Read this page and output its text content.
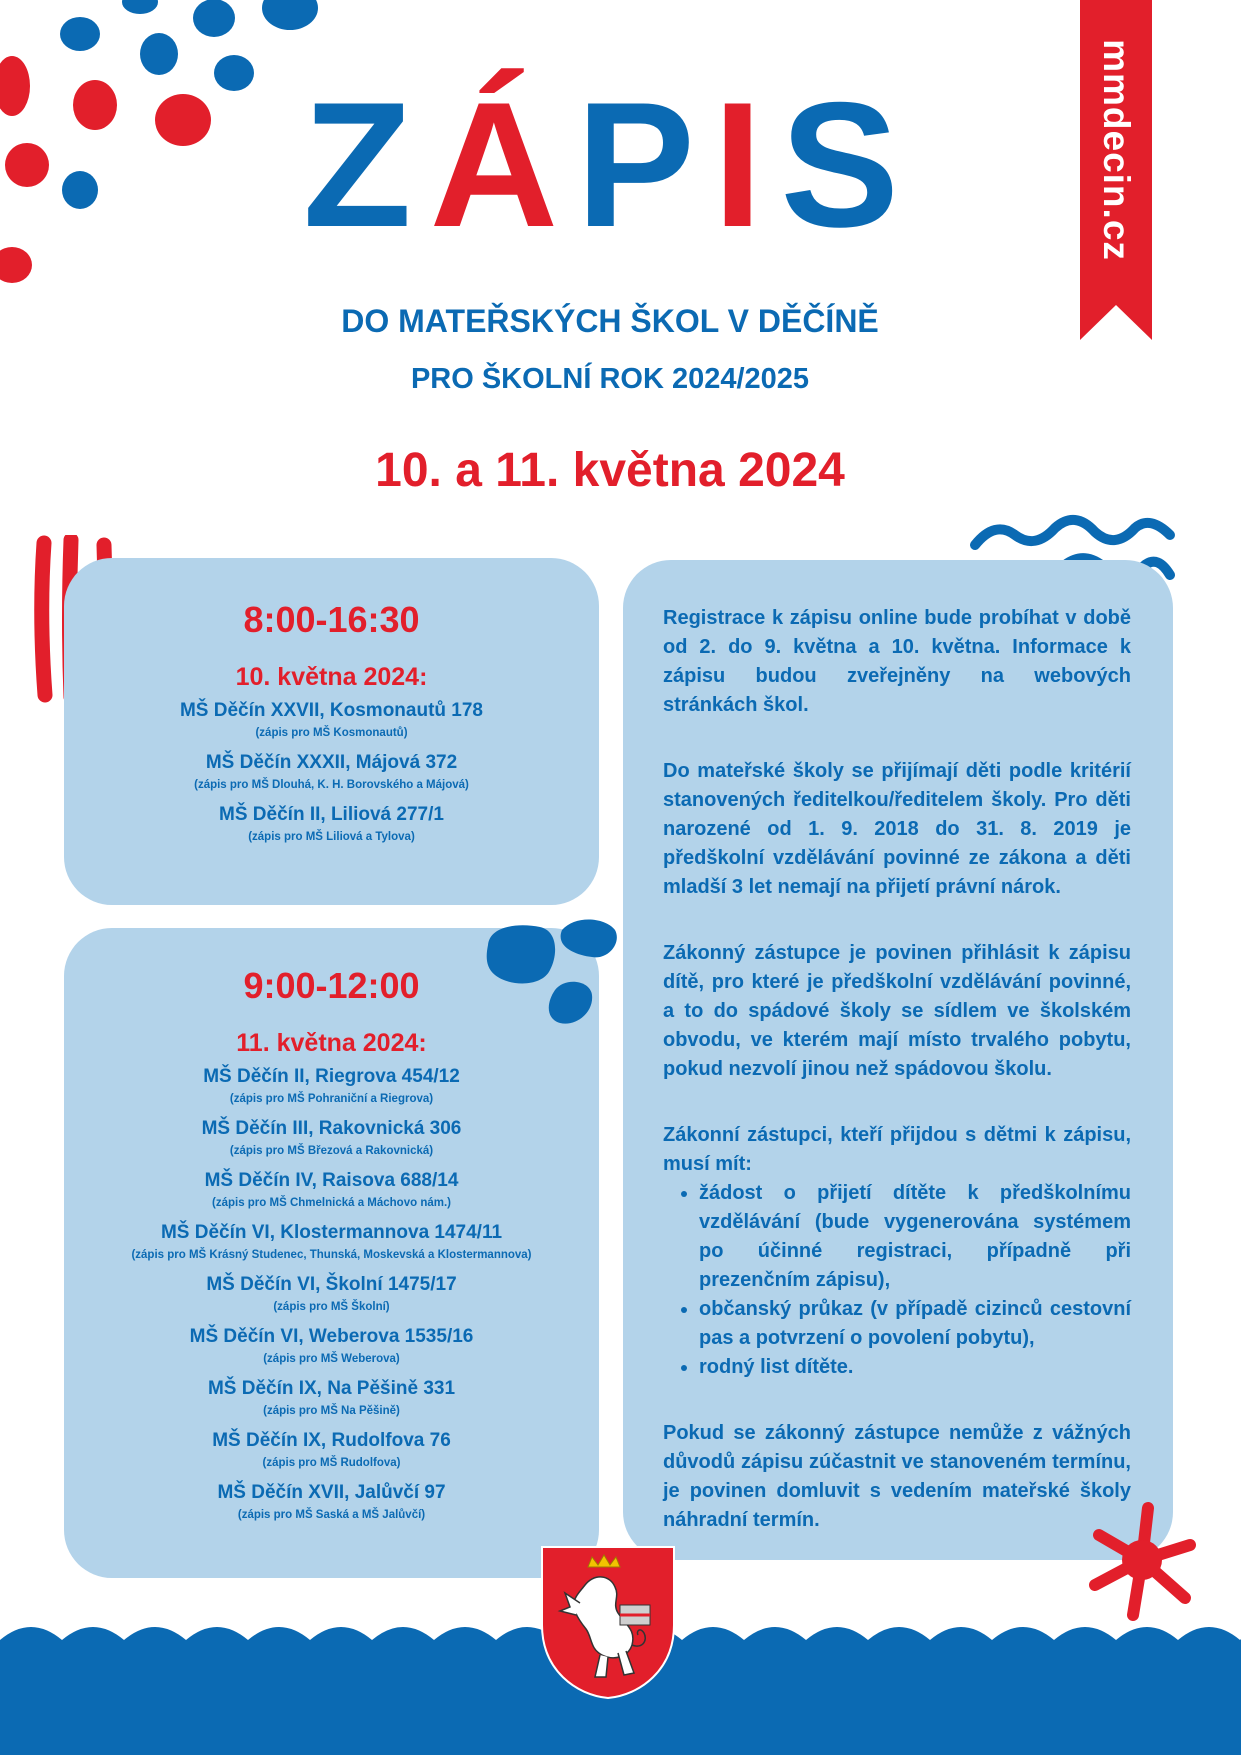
mmdecin.cz
ZÁPIS
DO MATEŘSKÝCH ŠKOL V DĚČÍNĚ
PRO ŠKOLNÍ ROK 2024/2025
10. a 11. května 2024
8:00-16:30
10. května 2024:
MŠ Děčín XXVII, Kosmonautů 178
(zápis pro MŠ Kosmonautů)
MŠ Děčín XXXII, Májová 372
(zápis pro MŠ Dlouhá, K. H. Borovského a Májová)
MŠ Děčín II, Liliová 277/1
(zápis pro MŠ Liliová a Tylova)
9:00-12:00
11. května 2024:
MŠ Děčín II, Riegrova 454/12
(zápis pro MŠ Pohraniční a Riegrova)
MŠ Děčín III, Rakovnická 306
(zápis pro MŠ Březová a Rakovnická)
MŠ Děčín IV, Raisova 688/14
(zápis pro MŠ Chmelnická a Máchovo nám.)
MŠ Děčín VI, Klostermannova 1474/11
(zápis pro MŠ Krásný Studenec, Thunská, Moskevská a Klostermannova)
MŠ Děčín VI, Školní 1475/17
(zápis pro MŠ Školní)
MŠ Děčín VI, Weberova 1535/16
(zápis pro MŠ Weberova)
MŠ Děčín IX, Na Pěšině 331
(zápis pro MŠ Na Pěšině)
MŠ Děčín IX, Rudolfova 76
(zápis pro MŠ Rudolfova)
MŠ Děčín XVII, Jalůvčí 97
(zápis pro MŠ Saská a MŠ Jalůvčí)

Registrace k zápisu online bude probíhat v době od 2. do 9. května a 10. května. Informace k zápisu budou zveřejněny na webových stránkách škol.

Do mateřské školy se přijímají děti podle kritérií stanovených ředitelkou/ředitelem školy. Pro děti narozené od 1. 9. 2018 do 31. 8. 2019 je předškolní vzdělávání povinné ze zákona a děti mladší 3 let nemají na přijetí právní nárok.

Zákonný zástupce je povinen přihlásit k zápisu dítě, pro které je předškolní vzdělávání povinné, a to do spádové školy se sídlem ve školském obvodu, ve kterém mají místo trvalého pobytu, pokud nezvolí jinou než spádovou školu.

Zákonní zástupci, kteří přijdou s dětmi k zápisu, musí mít:
• žádost o přijetí dítěte k předškolnímu vzdělávání (bude vygenerována systémem po účinné registraci, případně při prezenčním zápisu),
• občanský průkaz (v případě cizinců cestovní pas a potvrzení o povolení pobytu),
• rodný list dítěte.

Pokud se zákonný zástupce nemůže z vážných důvodů zápisu zúčastnit ve stanoveném termínu, je povinen domluvit s vedením mateřské školy náhradní termín.
